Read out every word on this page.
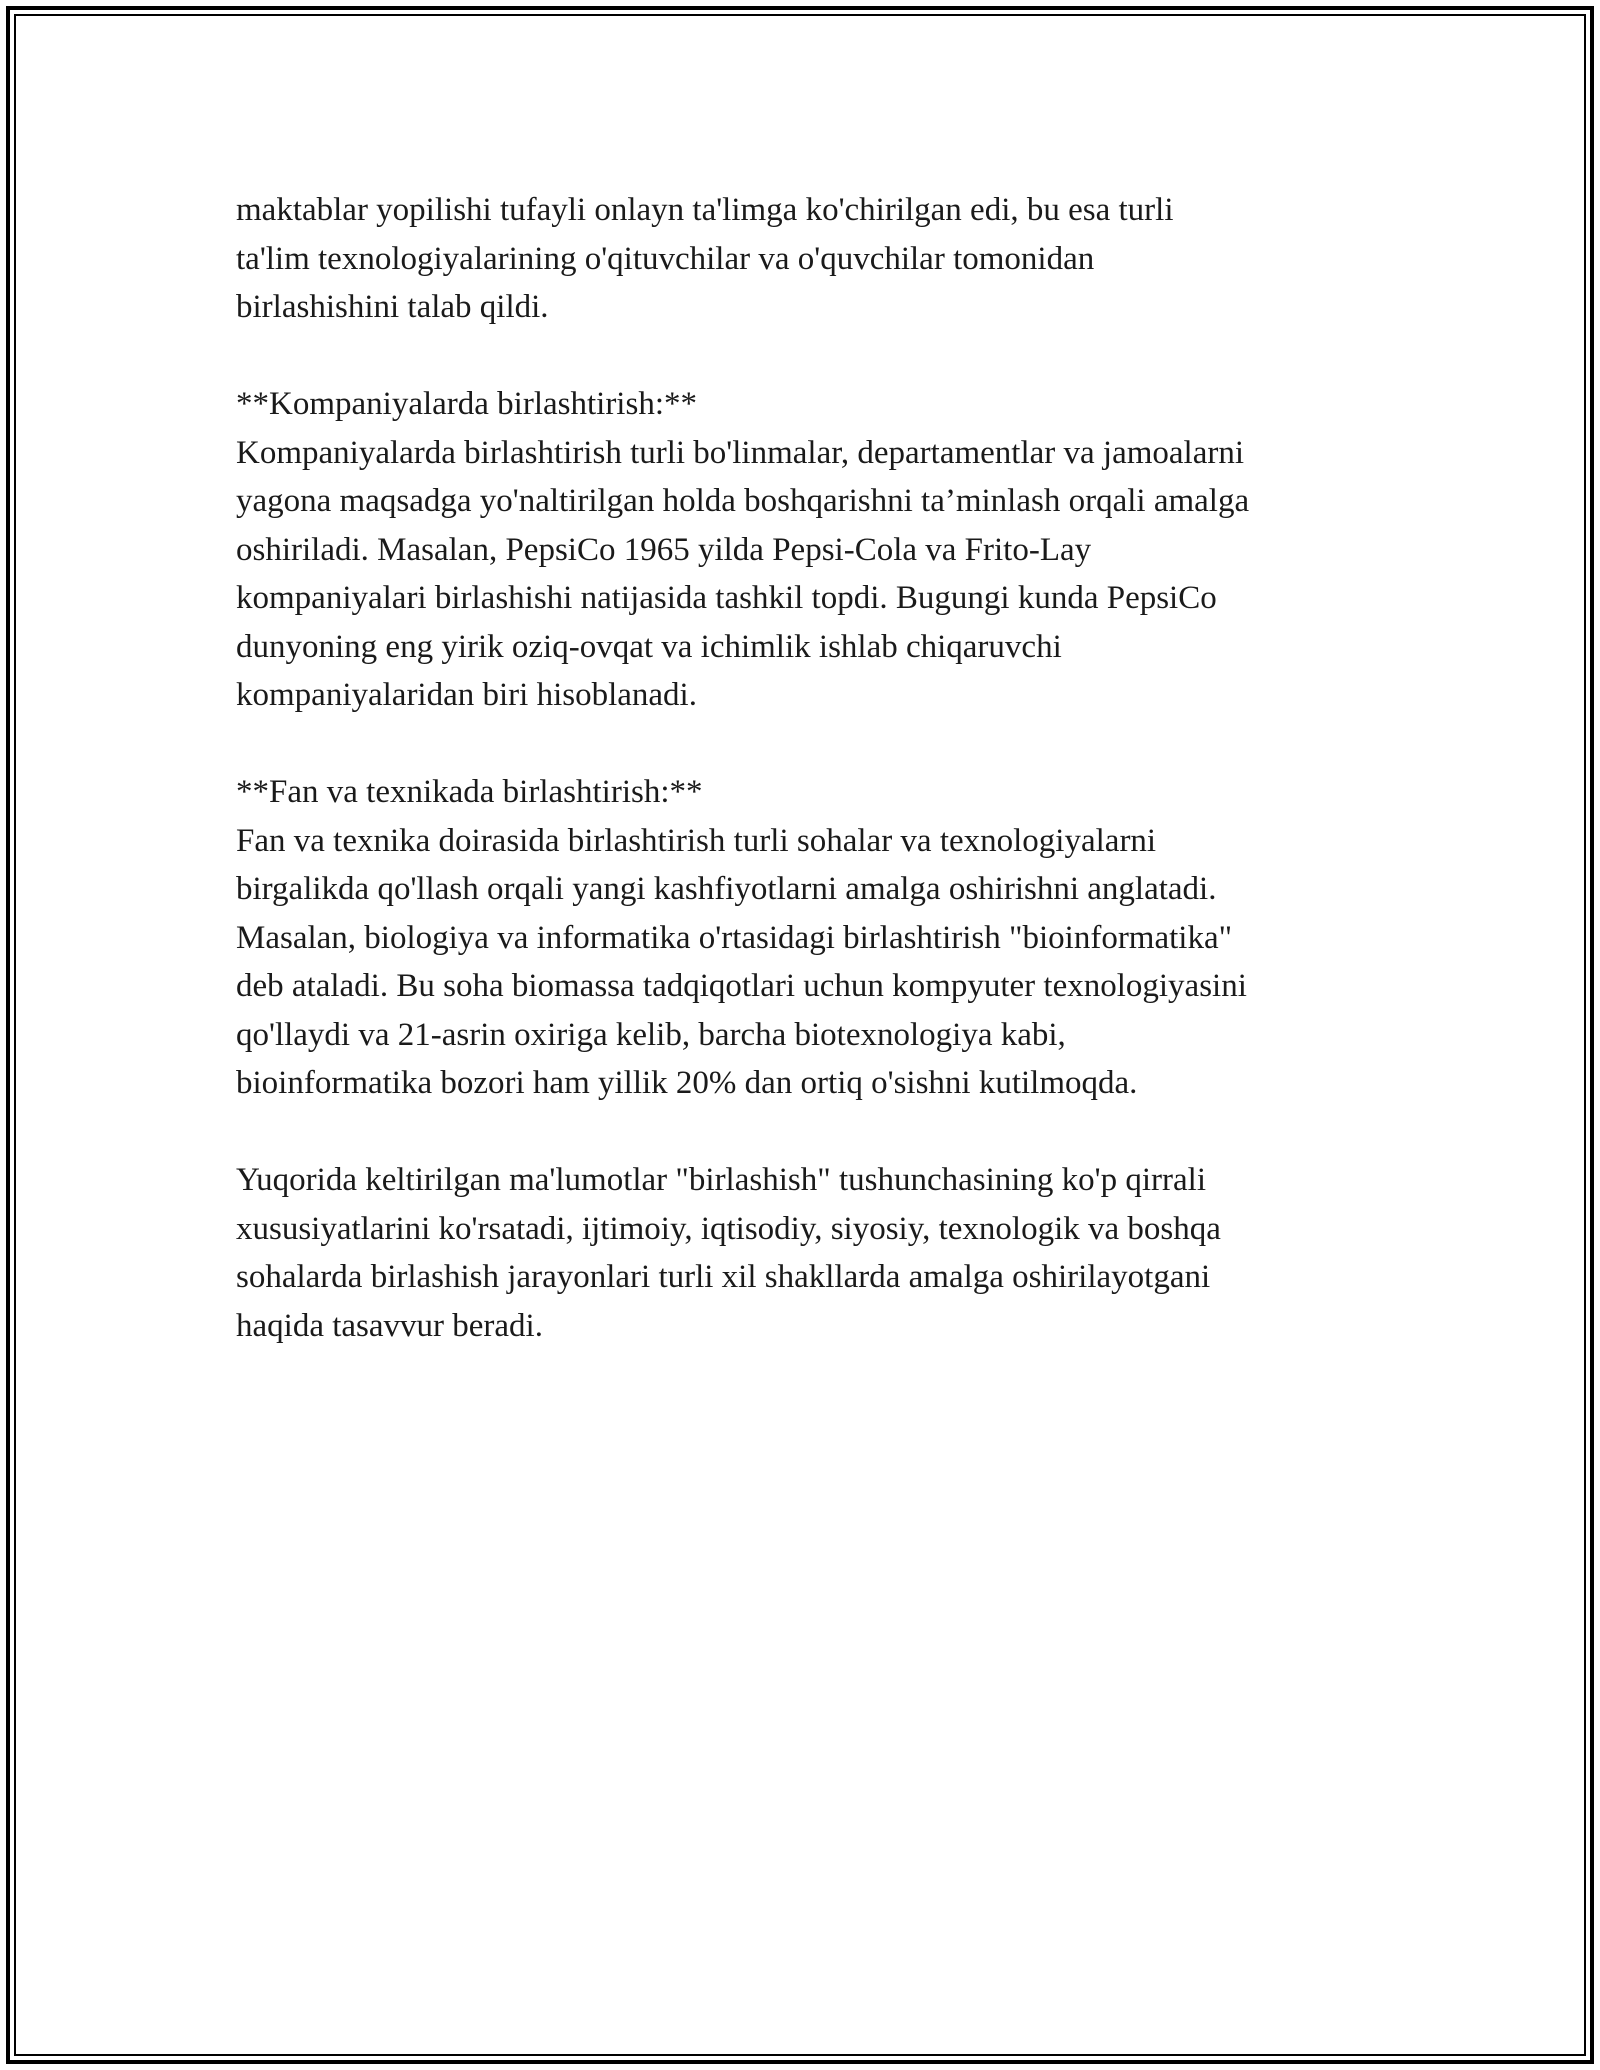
maktablar yopilishi tufayli onlayn ta'limga ko'chirilgan edi, bu esa turli
ta'lim texnologiyalarining o'qituvchilar va o'quvchilar tomonidan
birlashishini talab qildi.
**Kompaniyalarda birlashtirish:**
Kompaniyalarda birlashtirish turli bo'linmalar, departamentlar va jamoalarni
yagona maqsadga yo'naltirilgan holda boshqarishni ta’minlash orqali amalga
oshiriladi. Masalan, PepsiCo 1965 yilda Pepsi-Cola va Frito-Lay
kompaniyalari birlashishi natijasida tashkil topdi. Bugungi kunda PepsiCo
dunyoning eng yirik oziq-ovqat va ichimlik ishlab chiqaruvchi
kompaniyalaridan biri hisoblanadi.
**Fan va texnikada birlashtirish:**
Fan va texnika doirasida birlashtirish turli sohalar va texnologiyalarni
birgalikda qo'llash orqali yangi kashfiyotlarni amalga oshirishni anglatadi.
Masalan, biologiya va informatika o'rtasidagi birlashtirish "bioinformatika"
deb ataladi. Bu soha biomassa tadqiqotlari uchun kompyuter texnologiyasini
qo'llaydi va 21-asrin oxiriga kelib, barcha biotexnologiya kabi,
bioinformatika bozori ham yillik 20% dan ortiq o'sishni kutilmoqda.
Yuqorida keltirilgan ma'lumotlar "birlashish" tushunchasining ko'p qirrali
xususiyatlarini ko'rsatadi, ijtimoiy, iqtisodiy, siyosiy, texnologik va boshqa
sohalarda birlashish jarayonlari turli xil shakllarda amalga oshirilayotgani
haqida tasavvur beradi.
